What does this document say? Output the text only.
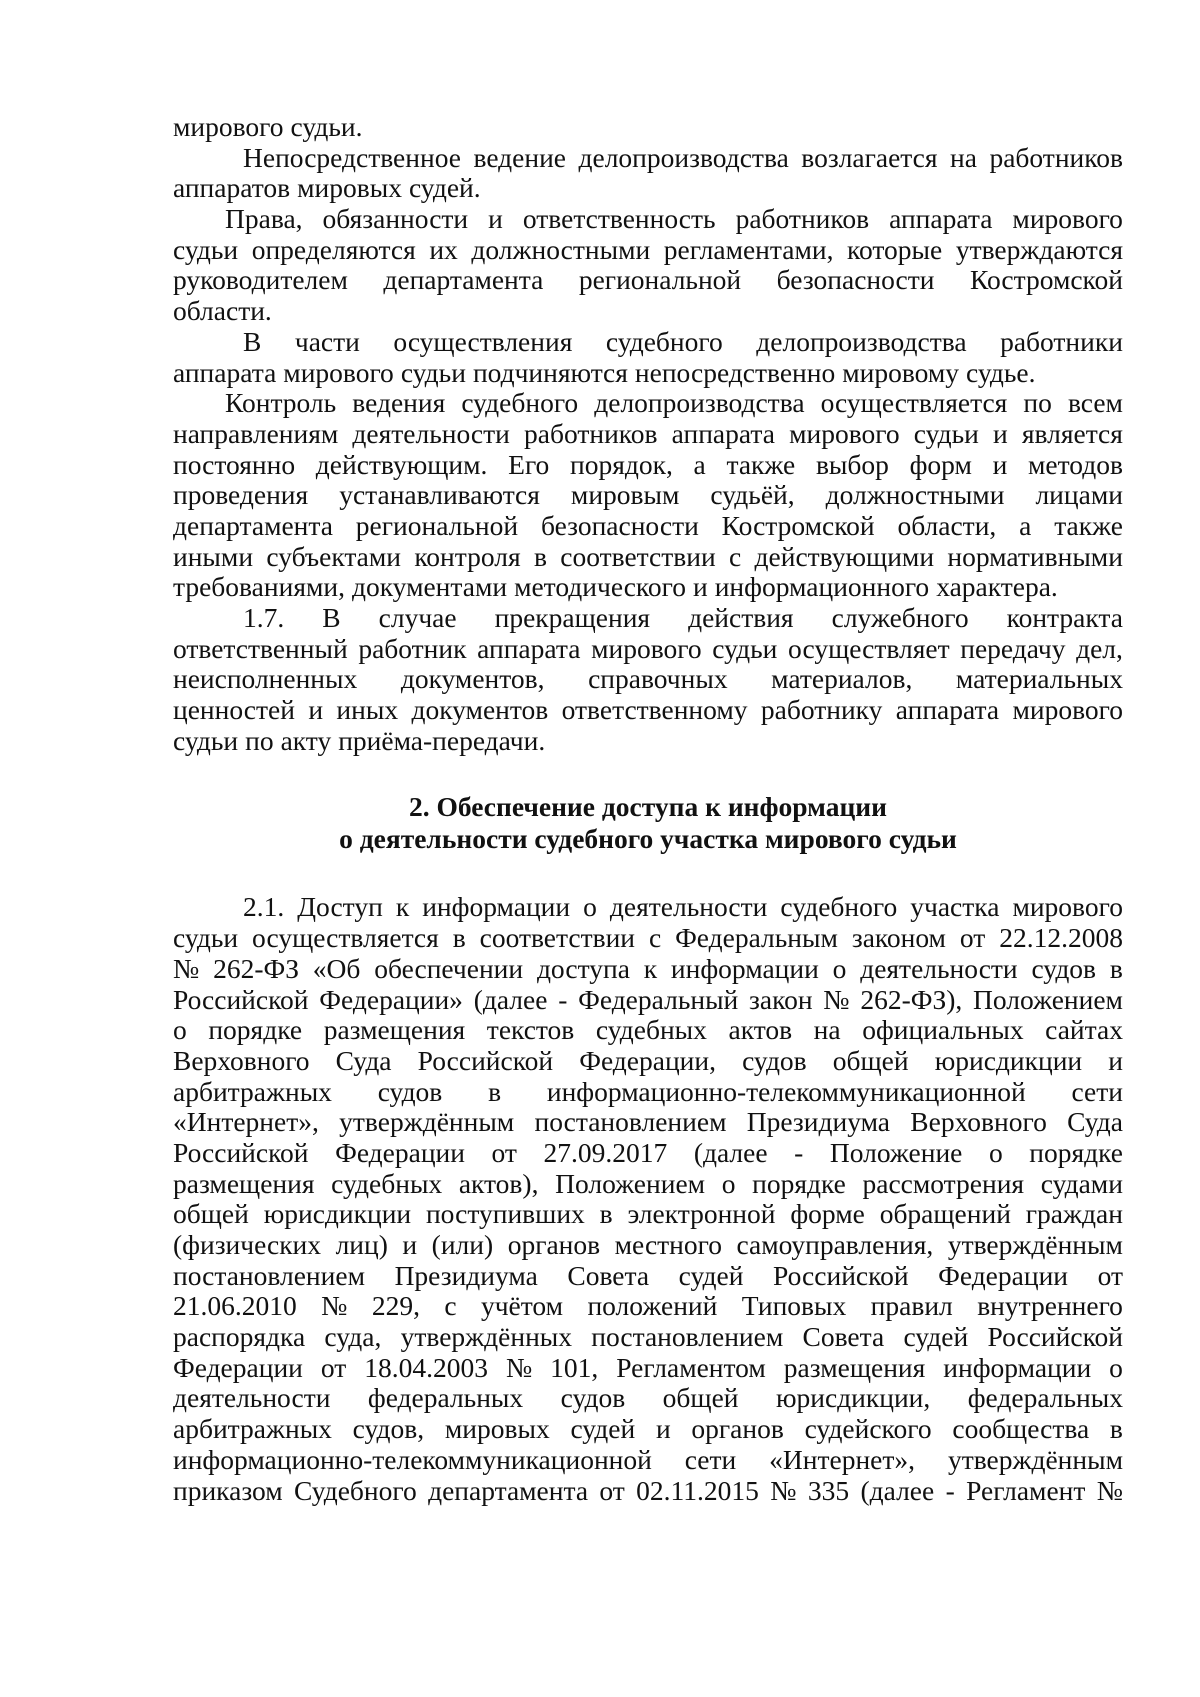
мирового судьи.
Непосредственное ведение делопроизводства возлагается на работников
аппаратов мировых судей.
Права, обязанности и ответственность работников аппарата мирового
судьи определяются их должностными регламентами, которые утверждаются
руководителем департамента региональной безопасности Костромской
области.
В части осуществления судебного делопроизводства работники
аппарата мирового судьи подчиняются непосредственно мировому судье.
Контроль ведения судебного делопроизводства осуществляется по всем
направлениям деятельности работников аппарата мирового судьи и является
постоянно действующим. Его порядок, а также выбор форм и методов
проведения устанавливаются мировым судьёй, должностными лицами
департамента региональной безопасности Костромской области, а также
иными субъектами контроля в соответствии с действующими нормативными
требованиями, документами методического и информационного характера.
1.7. В случае прекращения действия служебного контракта
ответственный работник аппарата мирового судьи осуществляет передачу дел,
неисполненных документов, справочных материалов, материальных
ценностей и иных документов ответственному работнику аппарата мирового
судьи по акту приёма-передачи.
2. Обеспечение доступа к информации
о деятельности судебного участка мирового судьи
2.1. Доступ к информации о деятельности судебного участка мирового
судьи осуществляется в соответствии с Федеральным законом от 22.12.2008
№ 262-ФЗ «Об обеспечении доступа к информации о деятельности судов в
Российской Федерации» (далее - Федеральный закон № 262-ФЗ), Положением
о порядке размещения текстов судебных актов на официальных сайтах
Верховного Суда Российской Федерации, судов общей юрисдикции и
арбитражных судов в информационно-телекоммуникационной сети
«Интернет», утверждённым постановлением Президиума Верховного Суда
Российской Федерации от 27.09.2017 (далее - Положение о порядке
размещения судебных актов), Положением о порядке рассмотрения судами
общей юрисдикции поступивших в электронной форме обращений граждан
(физических лиц) и (или) органов местного самоуправления, утверждённым
постановлением Президиума Совета судей Российской Федерации от
21.06.2010 № 229, с учётом положений Типовых правил внутреннего
распорядка суда, утверждённых постановлением Совета судей Российской
Федерации от 18.04.2003 № 101, Регламентом размещения информации о
деятельности федеральных судов общей юрисдикции, федеральных
арбитражных судов, мировых судей и органов судейского сообщества в
информационно-телекоммуникационной сети «Интернет», утверждённым
приказом Судебного департамента от 02.11.2015 № 335 (далее - Регламент №
